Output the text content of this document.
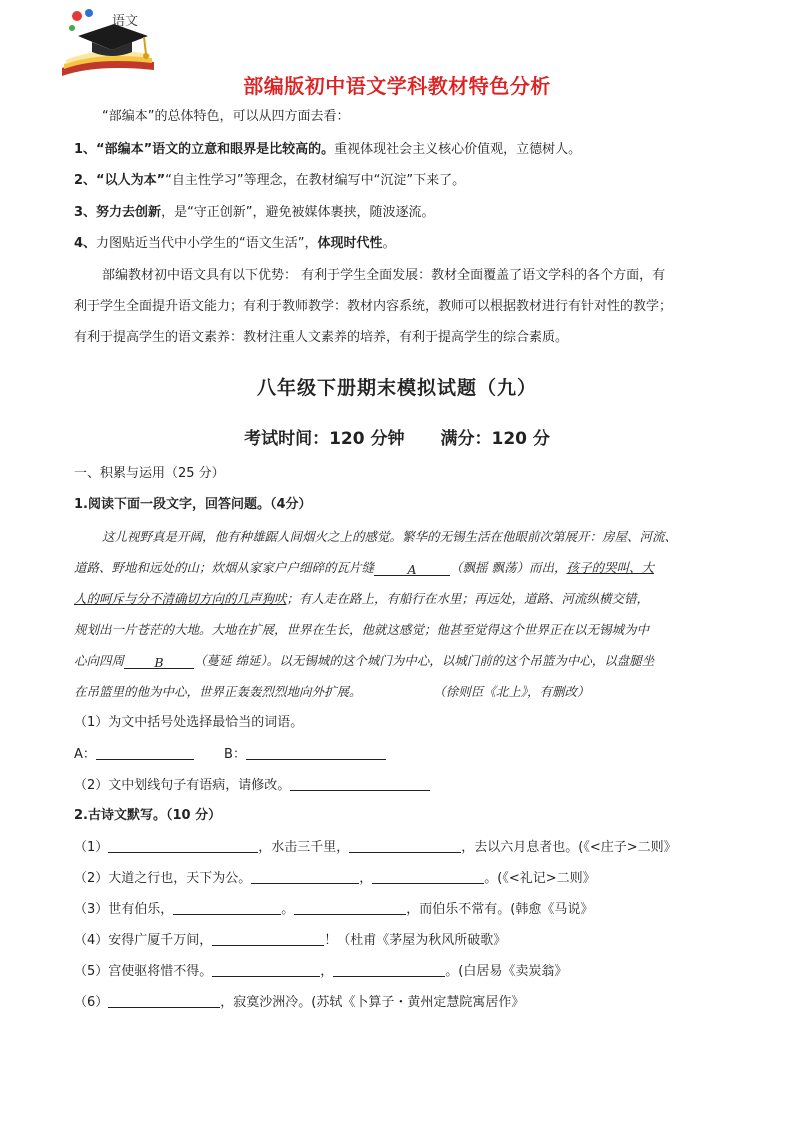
语文
部编版初中语文学科教材特色分析
“部编本”的总体特色，可以从四方面去看：
1、“部编本”语文的立意和眼界是比较高的。重视体现社会主义核心价值观，立德树人。
2、“以人为本”“自主性学习”等理念，在教材编写中“沉淀”下来了。
3、努力去创新，是“守正创新”，避免被媒体裹挟，随波逐流。
4、力图贴近当代中小学生的“语文生活”，体现时代性。
部编教材初中语文具有以下优势： 有利于学生全面发展：教材全面覆盖了语文学科的各个方面，有
利于学生全面提升语文能力；有利于教师教学：教材内容系统，教师可以根据教材进行有针对性的教学；
有利于提高学生的语文素养：教材注重人文素养的培养，有利于提高学生的综合素质。
八年级下册期末模拟试题（九）
考试时间：120 分钟 满分：120 分
一、积累与运用（25 分）
1.阅读下面一段文字，回答问题。（4分）
这儿视野真是开阔，他有种雄踞人间烟火之上的感觉。繁华的无锡生活在他眼前次第展开：房屋、河流、
道路、野地和远处的山；炊烟从家家户户细碎的瓦片缝	A	（飘摇 飘荡）而出，孩子的哭叫、大
人的呵斥与分不清确切方向的几声狗吠；有人走在路上，有船行在水里；再远处，道路、河流纵横交错，
规划出一片苍茫的大地。大地在扩展，世界在生长，他就这感觉；他甚至觉得这个世界正在以无锡城为中
心向四周 B （蔓延 绵延）。以无锡城的这个城门为中心，以城门前的这个吊篮为中心，以盘腿坐
在吊篮里的他为中心，世界正轰轰烈烈地向外扩展。	（徐则臣《北上》，有删改）
（1）为文中括号处选择最恰当的词语。
A：	B：
（2）文中划线句子有语病，请修改。
2.古诗文默写。（10 分）
（1）	，水击三千里，	，去以六月息者也。(《<庄子>二则》
（2）大道之行也，天下为公。	，	。(《<礼记>二则》
（3）世有伯乐，	。	，而伯乐不常有。(韩愈《马说》
（4）安得广厦千万间，	！（杜甫《茅屋为秋风所破歌》
（5）宫使驱将惜不得。	，	。(白居易《卖炭翁》
（6）	，寂寞沙洲冷。(苏轼《卜算子・黄州定慧院寓居作》
